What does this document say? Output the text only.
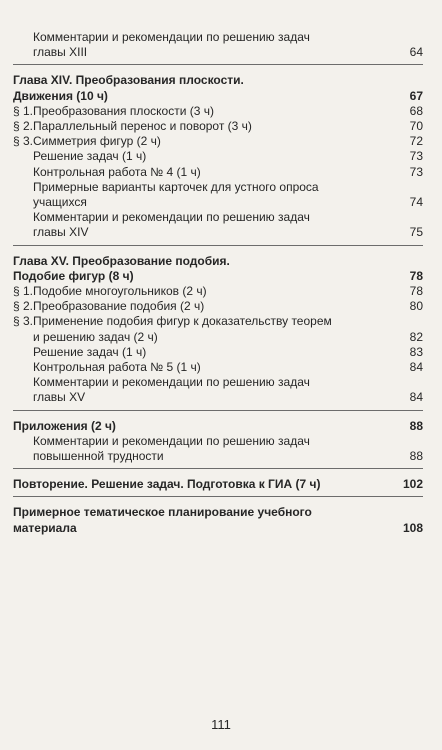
Комментарии и рекомендации по решению задач
главы XIII	64
Глава XIV. Преобразования плоскости.
Движения (10 ч)	67
§ 1. Преобразования плоскости (3 ч)	68
§ 2. Параллельный перенос и поворот (3 ч)	70
§ 3. Симметрия фигур (2 ч)	72
Решение задач (1 ч)	73
Контрольная работа № 4 (1 ч)	73
Примерные варианты карточек для устного опроса
учащихся	74
Комментарии и рекомендации по решению задач
главы XIV	75
Глава XV. Преобразование подобия.
Подобие фигур (8 ч)	78
§ 1. Подобие многоугольников (2 ч)	78
§ 2. Преобразование подобия (2 ч)	80
§ 3. Применение подобия фигур к доказательству теорем
и решению задач (2 ч)	82
Решение задач (1 ч)	83
Контрольная работа № 5 (1 ч)	84
Комментарии и рекомендации по решению задач
главы XV	84
Приложения (2 ч)	88
Комментарии и рекомендации по решению задач
повышенной трудности	88
Повторение. Решение задач. Подготовка к ГИА (7 ч)	102
Примерное тематическое планирование учебного
материала	108
111
